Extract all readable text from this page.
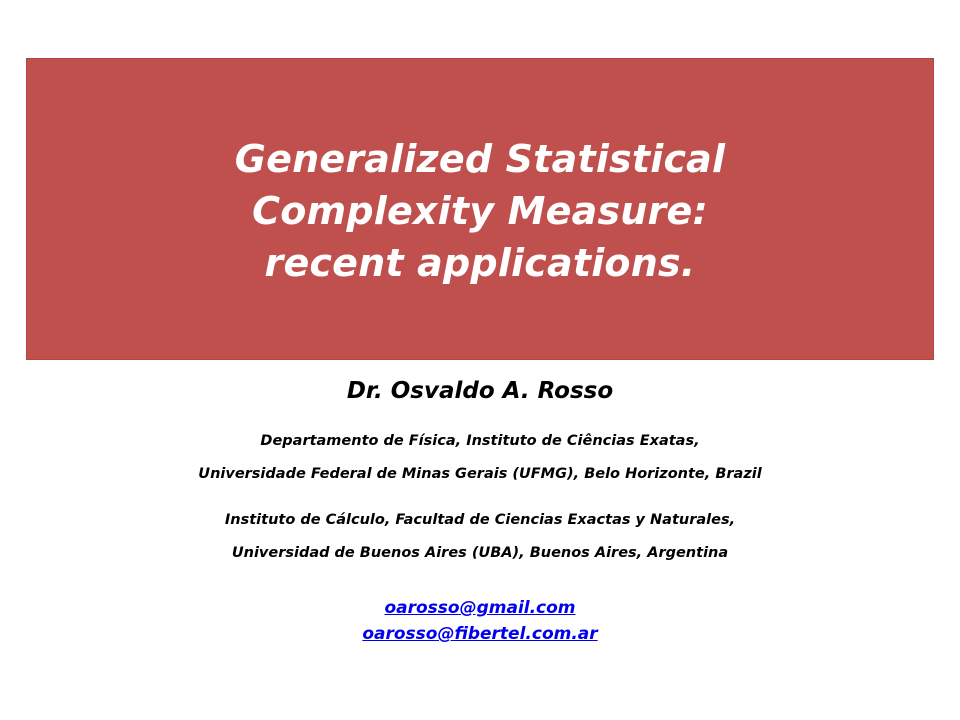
Generalized Statistical
Complexity Measure:
recent applications.
Dr. Osvaldo A. Rosso
Departamento de Física, Instituto de Ciências Exatas,
Universidade Federal de Minas Gerais (UFMG), Belo Horizonte, Brazil
Instituto de Cálculo, Facultad de Ciencias Exactas y Naturales,
Universidad de Buenos Aires (UBA), Buenos Aires, Argentina
oarosso@gmail.com
oarosso@fibertel.com.ar
